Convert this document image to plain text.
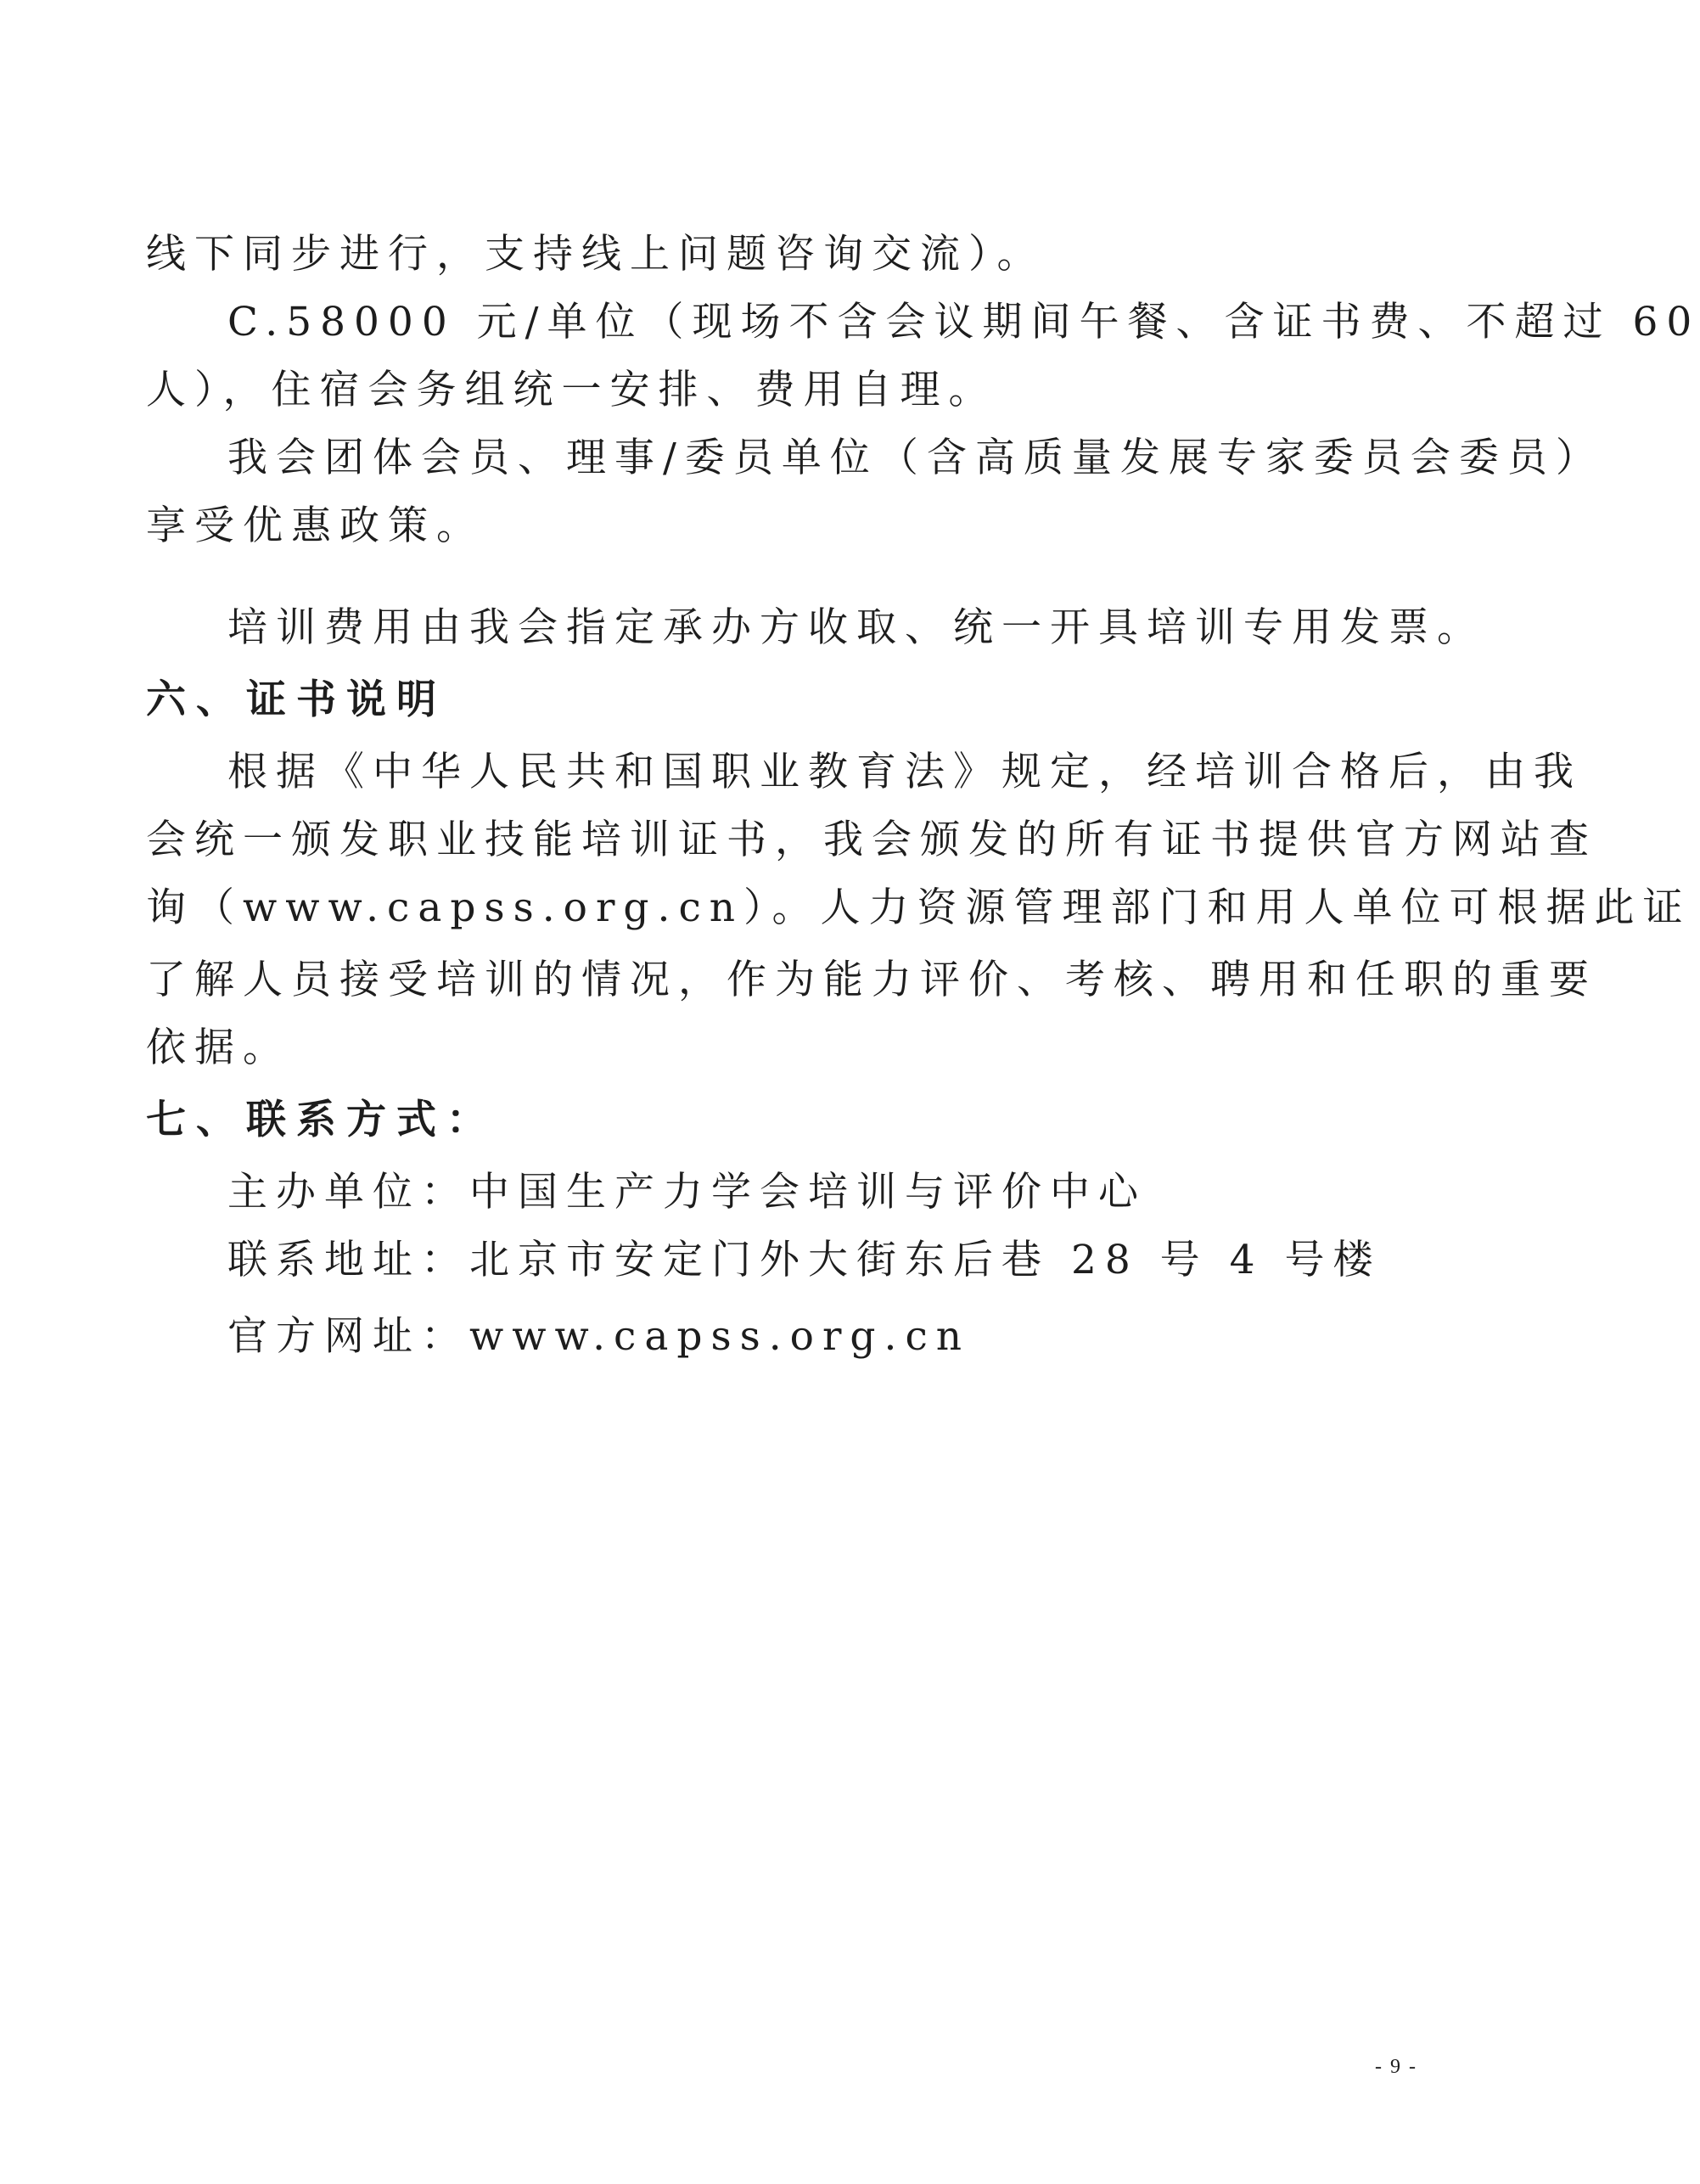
线下同步进行，支持线上问题咨询交流）。
C.58000 元/单位（现场不含会议期间午餐、含证书费、不超过 60
人），住宿会务组统一安排、费用自理。
我会团体会员、理事/委员单位（含高质量发展专家委员会委员）
享受优惠政策。
培训费用由我会指定承办方收取、统一开具培训专用发票。
六、证书说明
根据《中华人民共和国职业教育法》规定，经培训合格后，由我
会统一颁发职业技能培训证书，我会颁发的所有证书提供官方网站查
询（www.capss.org.cn）。人力资源管理部门和用人单位可根据此证
了解人员接受培训的情况，作为能力评价、考核、聘用和任职的重要
依据。
七、联系方式：
主办单位：中国生产力学会培训与评价中心
联系地址：北京市安定门外大街东后巷 28 号 4 号楼
官方网址：www.capss.org.cn
- 9 -
